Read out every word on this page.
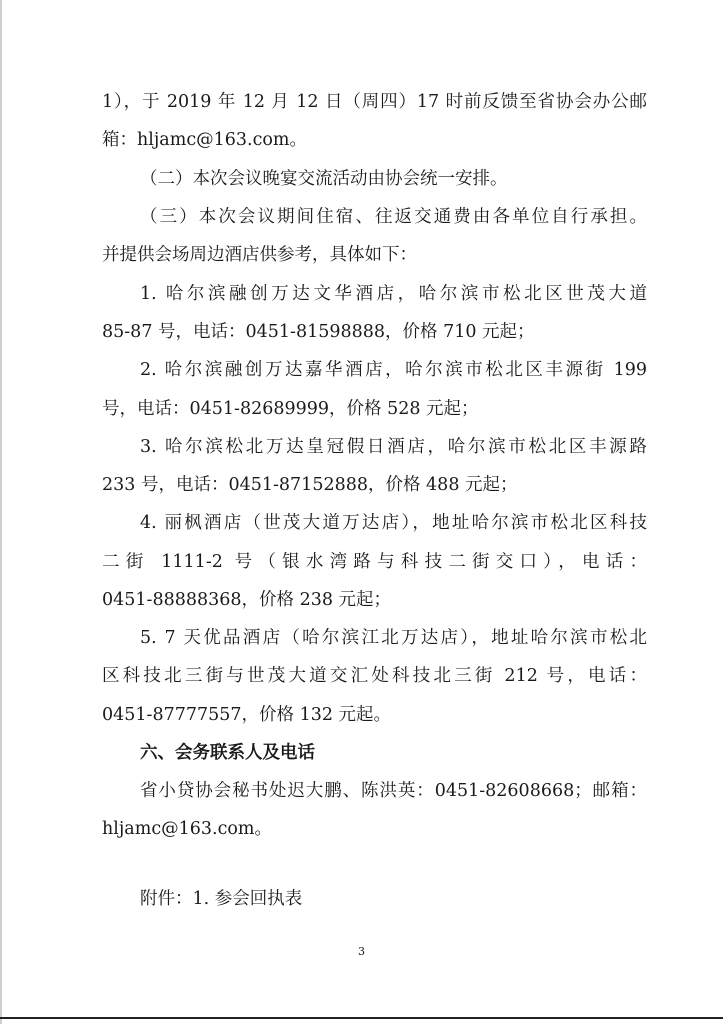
1），于 2019 年 12 月 12 日（周四）17 时前反馈至省协会办公邮
箱：hljamc@163.com。
（二）本次会议晚宴交流活动由协会统一安排。
（三）本次会议期间住宿、往返交通费由各单位自行承担。
并提供会场周边酒店供参考，具体如下：
1. 哈尔滨融创万达文华酒店，哈尔滨市松北区世茂大道
85-87 号，电话：0451-81598888，价格 710 元起；
2. 哈尔滨融创万达嘉华酒店，哈尔滨市松北区丰源街 199
号，电话：0451-82689999，价格 528 元起；
3. 哈尔滨松北万达皇冠假日酒店，哈尔滨市松北区丰源路
233 号，电话：0451-87152888，价格 488 元起；
4. 丽枫酒店（世茂大道万达店），地址哈尔滨市松北区科技
二街 1111-2 号（银水湾路与科技二街交口），电话：
0451-88888368，价格 238 元起；
5. 7 天优品酒店（哈尔滨江北万达店），地址哈尔滨市松北
区科技北三街与世茂大道交汇处科技北三街 212 号，电话：
0451-87777557，价格 132 元起。
六、会务联系人及电话
省小贷协会秘书处迟大鹏、陈洪英：0451-82608668；邮箱：
hljamc@163.com。
附件：1. 参会回执表
3
